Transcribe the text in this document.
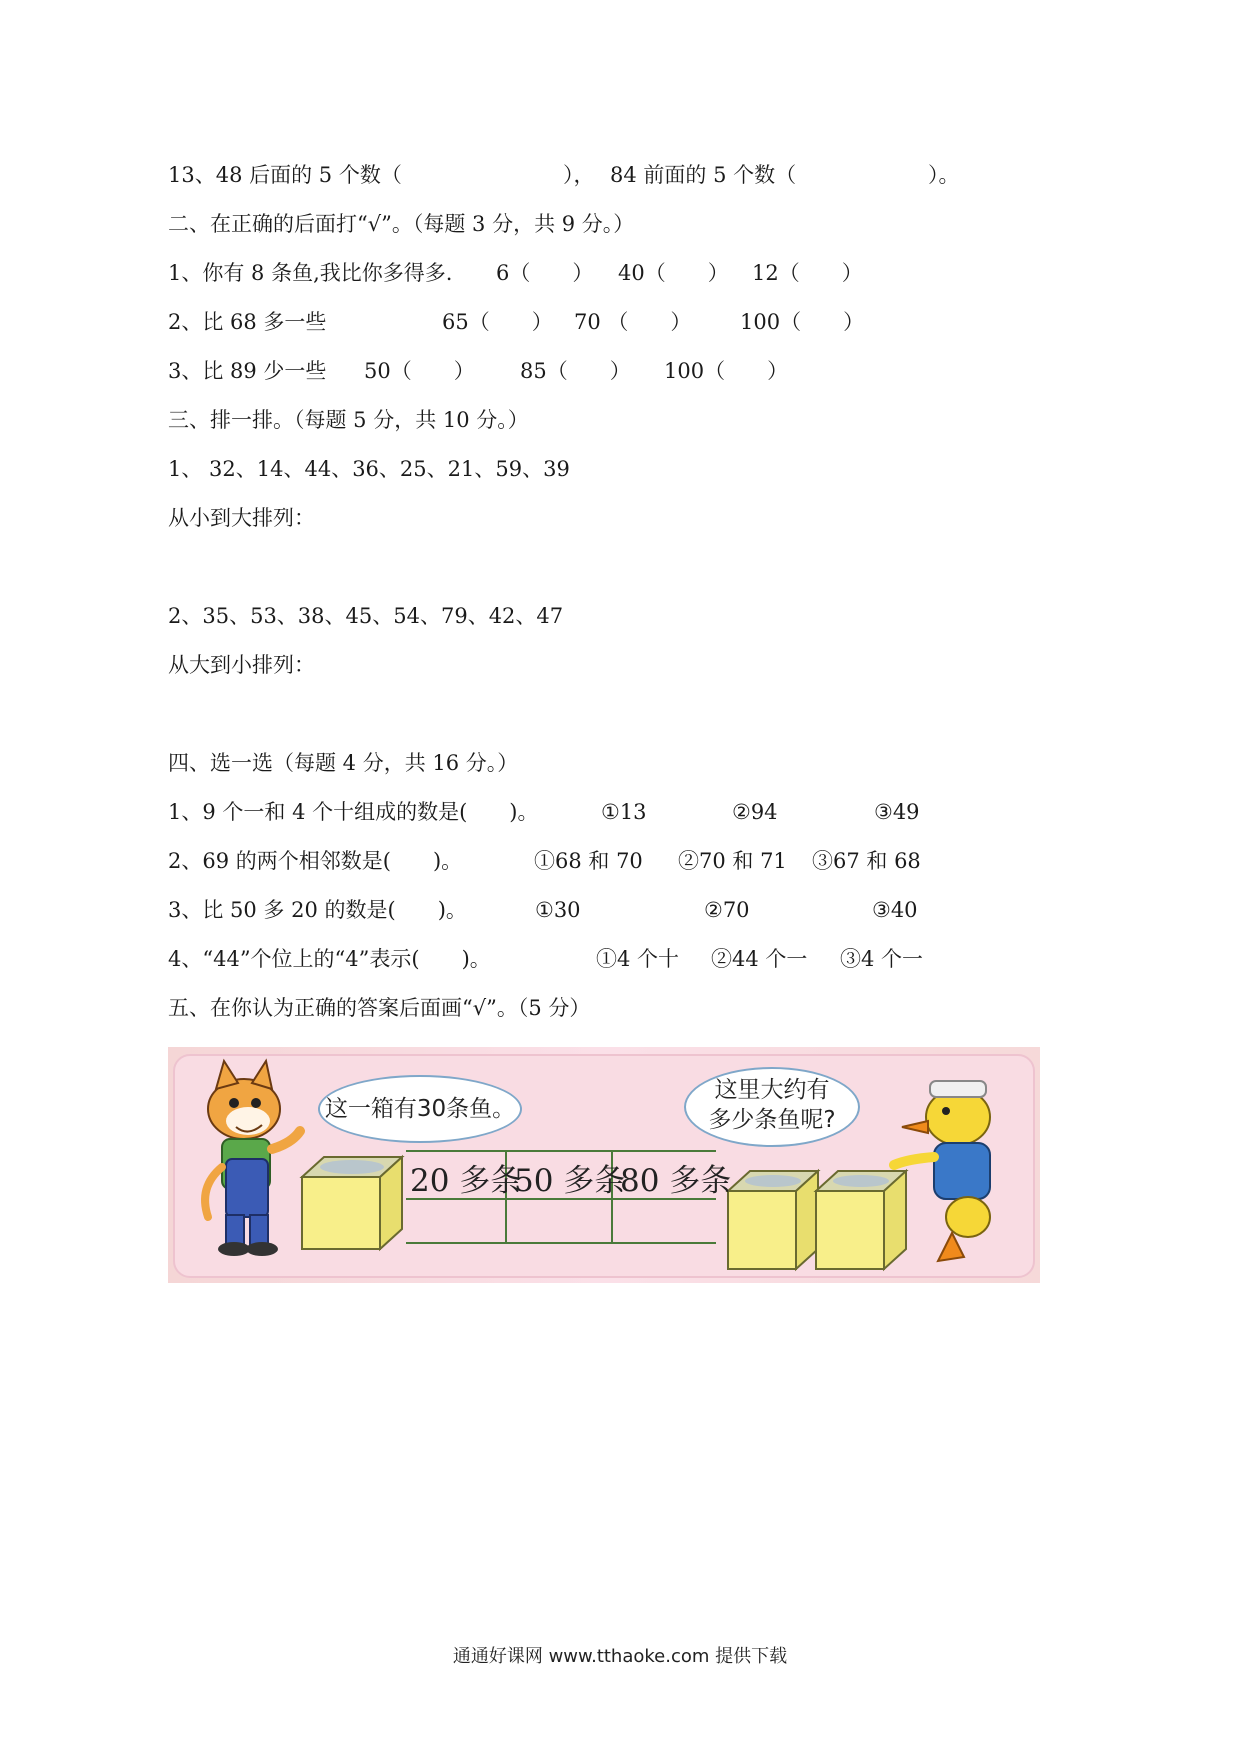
13、48 后面的 5 个数（

	），

84 前面的 5 个数（

	）。

二、在正确的后面打“√”。（每题 3 分，共 9 分。）

1、你有 8 条鱼,我比你多得多.

6（　　）

40（　　）

12（　　）

2、比 68 多一些

	65（　　）

70 （　　）

100（　　）

3、比 89 少一些

50（　　）

85（　　）

100（　　）

三、排一排。（每题 5 分，共 10 分。）
1、 32、14、44、36、25、21、59、39
从小到大排列：
2、35、53、38、45、54、79、42、47
从大到小排列：
四、选一选（每题 4 分，共 16 分。）

1、9 个一和 4 个十组成的数是(　　)。

	①13

	②94

	③49

2、69 的两个相邻数是(　　)。

	①68 和 70

②70 和 71

③67 和 68

3、比 50 多 20 的数是(　　)。

	①30

	②70

	③40

4、“44”个位上的“4”表示(　　)。

	①4 个十

②44 个一

③4 个一

五、在你认为正确的答案后面画“√”。（5 分）
这一箱有30条鱼。
这里大约有
多少条鱼呢?
20 多条
50 多条
80 多条
通通好课网 www.tthaoke.com 提供下载
